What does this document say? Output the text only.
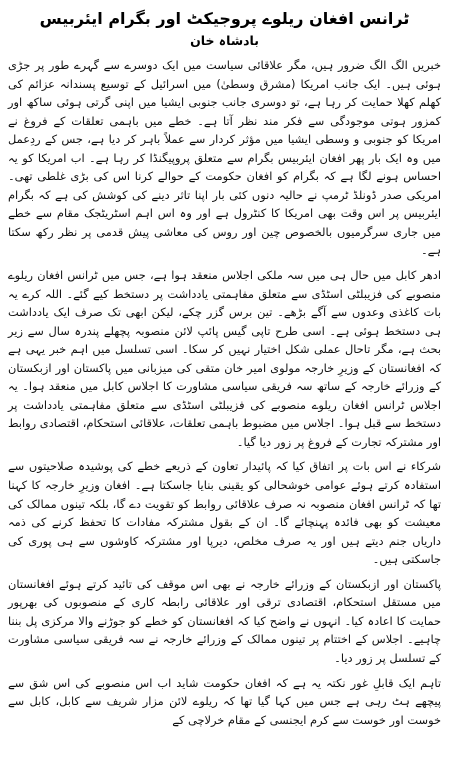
ٹرانس افغان ریلوے پروجیکٹ اور بگرام ایئربیس
بادشاہ خان

خبریں الگ الگ ضرور ہیں، مگر علاقائی سیاست میں ایک دوسرے سے گہرے طور پر جڑی ہوئی ہیں۔ ایک جانب امریکا (مشرق وسطیٰ) میں اسرائیل کے توسیع پسندانہ عزائم کی کھلم کھلا حمایت کر رہا ہے، تو دوسری جانب جنوبی ایشیا میں اپنی گرتی ہوئی ساکھ اور کمزور ہوتی موجودگی سے فکر مند نظر آتا ہے۔ خطے میں باہمی تعلقات کے فروغ نے امریکا کو جنوبی و وسطی ایشیا میں مؤثر کردار سے عملاً باہر کر دیا ہے، جس کے ردِعمل میں وہ ایک بار پھر افغان ایئربیس بگرام سے متعلق پروپیگنڈا کر رہا ہے۔ اب امریکا کو یہ احساس ہونے لگا ہے کہ بگرام کو افغان حکومت کے حوالے کرنا اس کی بڑی غلطی تھی۔ امریکی صدر ڈونلڈ ٹرمپ نے حالیہ دنوں کئی بار اپنا تاثر دینے کی کوشش کی ہے کہ بگرام ایئربیس پر اس وقت بھی امریکا کا کنٹرول ہے اور وہ اس اہم اسٹریٹجک مقام سے خطے میں جاری سرگرمیوں بالخصوص چین اور روس کی معاشی پیش قدمی پر نظر رکھ سکتا ہے۔

ادھر کابل میں حال ہی میں سہ ملکی اجلاس منعقد ہوا ہے، جس میں ٹرانس افغان ریلوے منصوبے کی فزیبلٹی اسٹڈی سے متعلق مفاہمتی یادداشت پر دستخط کیے گئے۔ اللہ کرے یہ بات کاغذی وعدوں سے آگے بڑھے۔ تین برس گزر چکے، لیکن ابھی تک صرف ایک یادداشت ہی دستخط ہوئی ہے۔ اسی طرح تاپی گیس پائپ لائن منصوبہ پچھلے پندرہ سال سے زیر بحث ہے، مگر تاحال عملی شکل اختیار نہیں کر سکا۔ اسی تسلسل میں اہم خبر یہی ہے کہ افغانستان کے وزیرِ خارجہ مولوی امیر خان متقی کی میزبانی میں پاکستان اور ازبکستان کے وزرائے خارجہ کے ساتھ سہ فریقی سیاسی مشاورت کا اجلاس کابل میں منعقد ہوا۔ یہ اجلاس ٹرانس افغان ریلوے منصوبے کی فزیبلٹی اسٹڈی سے متعلق مفاہمتی یادداشت پر دستخط سے قبل ہوا۔ اجلاس میں مضبوط باہمی تعلقات، علاقائی استحکام، اقتصادی روابط اور مشترکہ تجارت کے فروغ پر زور دیا گیا۔

شرکاء نے اس بات پر اتفاق کیا کہ پائیدار تعاون کے ذریعے خطے کی پوشیدہ صلاحیتوں سے استفادہ کرتے ہوئے عوامی خوشحالی کو یقینی بنایا جاسکتا ہے۔ افغان وزیرِ خارجہ کا کہنا تھا کہ ٹرانس افغان منصوبہ نہ صرف علاقائی روابط کو تقویت دے گا، بلکہ تینوں ممالک کی معیشت کو بھی فائدہ پہنچائے گا۔ ان کے بقول مشترکہ مفادات کا تحفظ کرنے کی ذمہ داریاں جنم دیتے ہیں اور یہ صرف مخلص، دیرپا اور مشترکہ کاوشوں سے ہی پوری کی جاسکتی ہیں۔

پاکستان اور ازبکستان کے وزرائے خارجہ نے بھی اس موقف کی تائید کرتے ہوئے افغانستان میں مستقل استحکام، اقتصادی ترقی اور علاقائی رابطہ کاری کے منصوبوں کی بھرپور حمایت کا اعادہ کیا۔ انہوں نے واضح کیا کہ افغانستان کو خطے کو جوڑنے والا مرکزی پل بننا چاہیے۔ اجلاس کے اختتام پر تینوں ممالک کے وزرائے خارجہ نے سہ فریقی سیاسی مشاورت کے تسلسل پر زور دیا۔

تاہم ایک قابلِ غور نکتہ یہ ہے کہ افغان حکومت شاید اب اس منصوبے کی اس شق سے پیچھے ہٹ رہی ہے جس میں کہا گیا تھا کہ ریلوے لائن مزار شریف سے کابل، کابل سے خوست اور خوست سے کرم ایجنسی کے مقام خرلاچی کے
